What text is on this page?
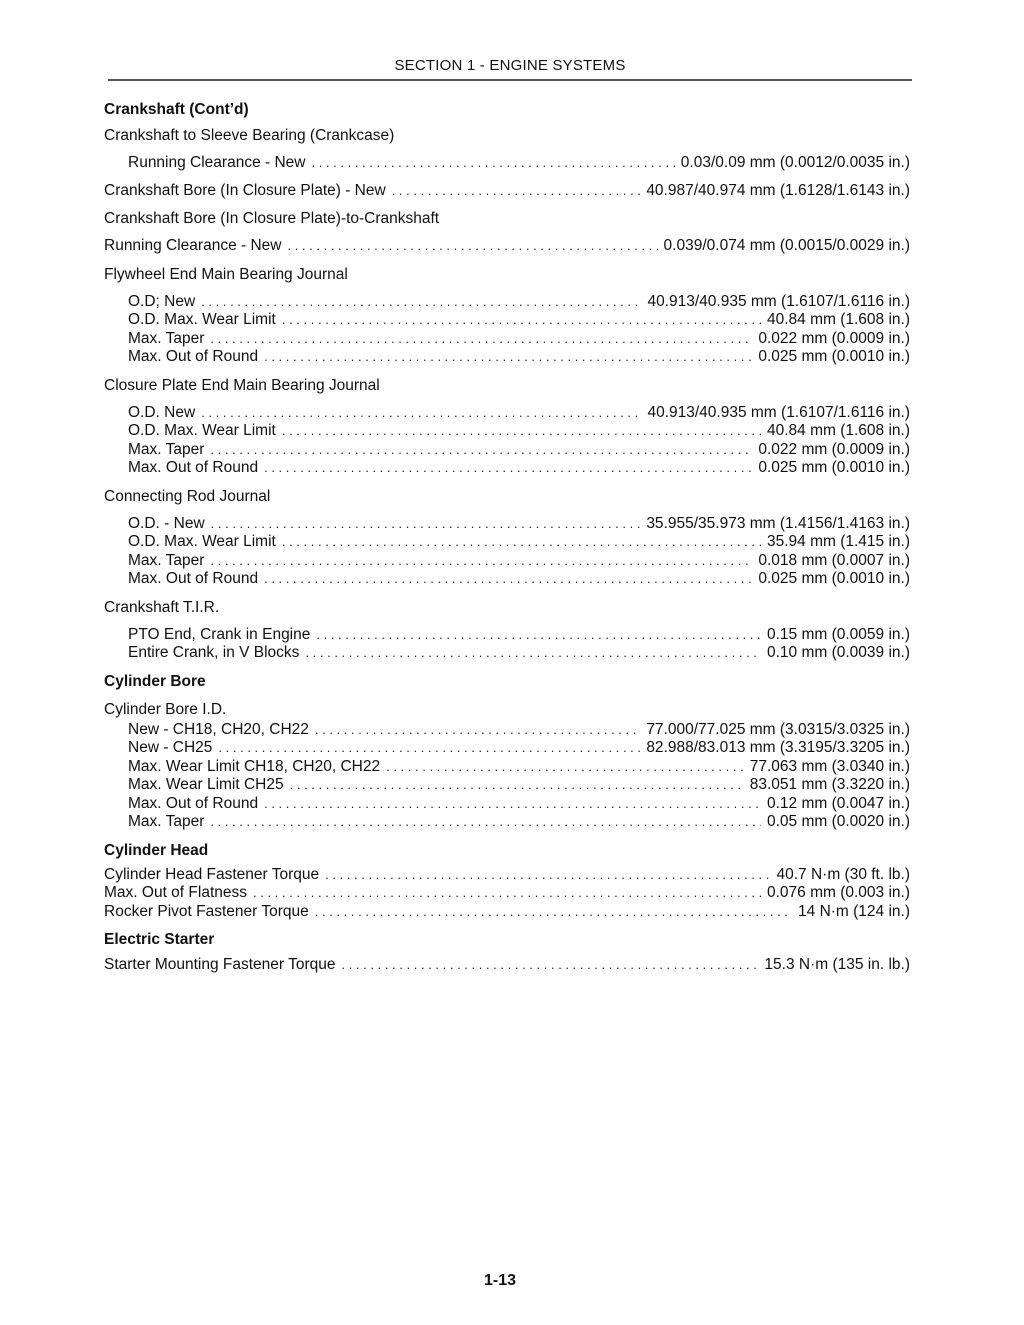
SECTION 1 - ENGINE SYSTEMS
Crankshaft (Cont’d)
Crankshaft to Sleeve Bearing (Crankcase)
Running Clearance - New . . .	0.03/0.09 mm (0.0012/0.0035 in.)
Crankshaft Bore (In Closure Plate) - New . . .	40.987/40.974 mm (1.6128/1.6143 in.)
Crankshaft Bore (In Closure Plate)-to-Crankshaft
Running Clearance - New . . .	0.039/0.074 mm (0.0015/0.0029 in.)
Flywheel End Main Bearing Journal
O.D; New . . .	40.913/40.935 mm (1.6107/1.6116 in.)
O.D. Max. Wear Limit . . .	40.84 mm (1.608 in.)
Max. Taper . . .	0.022 mm (0.0009 in.)
Max. Out of Round . . .	0.025 mm (0.0010 in.)
Closure Plate End Main Bearing Journal
O.D. New . . .	40.913/40.935 mm (1.6107/1.6116 in.)
O.D. Max. Wear Limit . . .	40.84 mm (1.608 in.)
Max. Taper . . .	0.022 mm (0.0009 in.)
Max. Out of Round . . .	0.025 mm (0.0010 in.)
Connecting Rod Journal
O.D. - New . . .	35.955/35.973 mm (1.4156/1.4163 in.)
O.D. Max. Wear Limit . . .	35.94 mm (1.415 in.)
Max. Taper . . .	0.018 mm (0.0007 in.)
Max. Out of Round . . .	0.025 mm (0.0010 in.)
Crankshaft T.I.R.
PTO End, Crank in Engine . . .	0.15 mm (0.0059 in.)
Entire Crank, in V Blocks . . .	0.10 mm (0.0039 in.)
Cylinder Bore
Cylinder Bore I.D.
New - CH18, CH20, CH22 . . .	77.000/77.025 mm (3.0315/3.0325 in.)
New - CH25 . . .	82.988/83.013 mm (3.3195/3.3205 in.)
Max. Wear Limit CH18, CH20, CH22 . . .	77.063 mm (3.0340 in.)
Max. Wear Limit CH25 . . .	83.051 mm (3.3220 in.)
Max. Out of Round . . .	0.12 mm (0.0047 in.)
Max. Taper . . .	0.05 mm (0.0020 in.)
Cylinder Head
Cylinder Head Fastener Torque . . .	40.7 N·m (30 ft. lb.)
Max. Out of Flatness . . .	0.076 mm (0.003 in.)
Rocker Pivot Fastener Torque . . .	14 N·m (124 in.)
Electric Starter
Starter Mounting Fastener Torque . . .	15.3 N·m (135 in. lb.)
1-13
